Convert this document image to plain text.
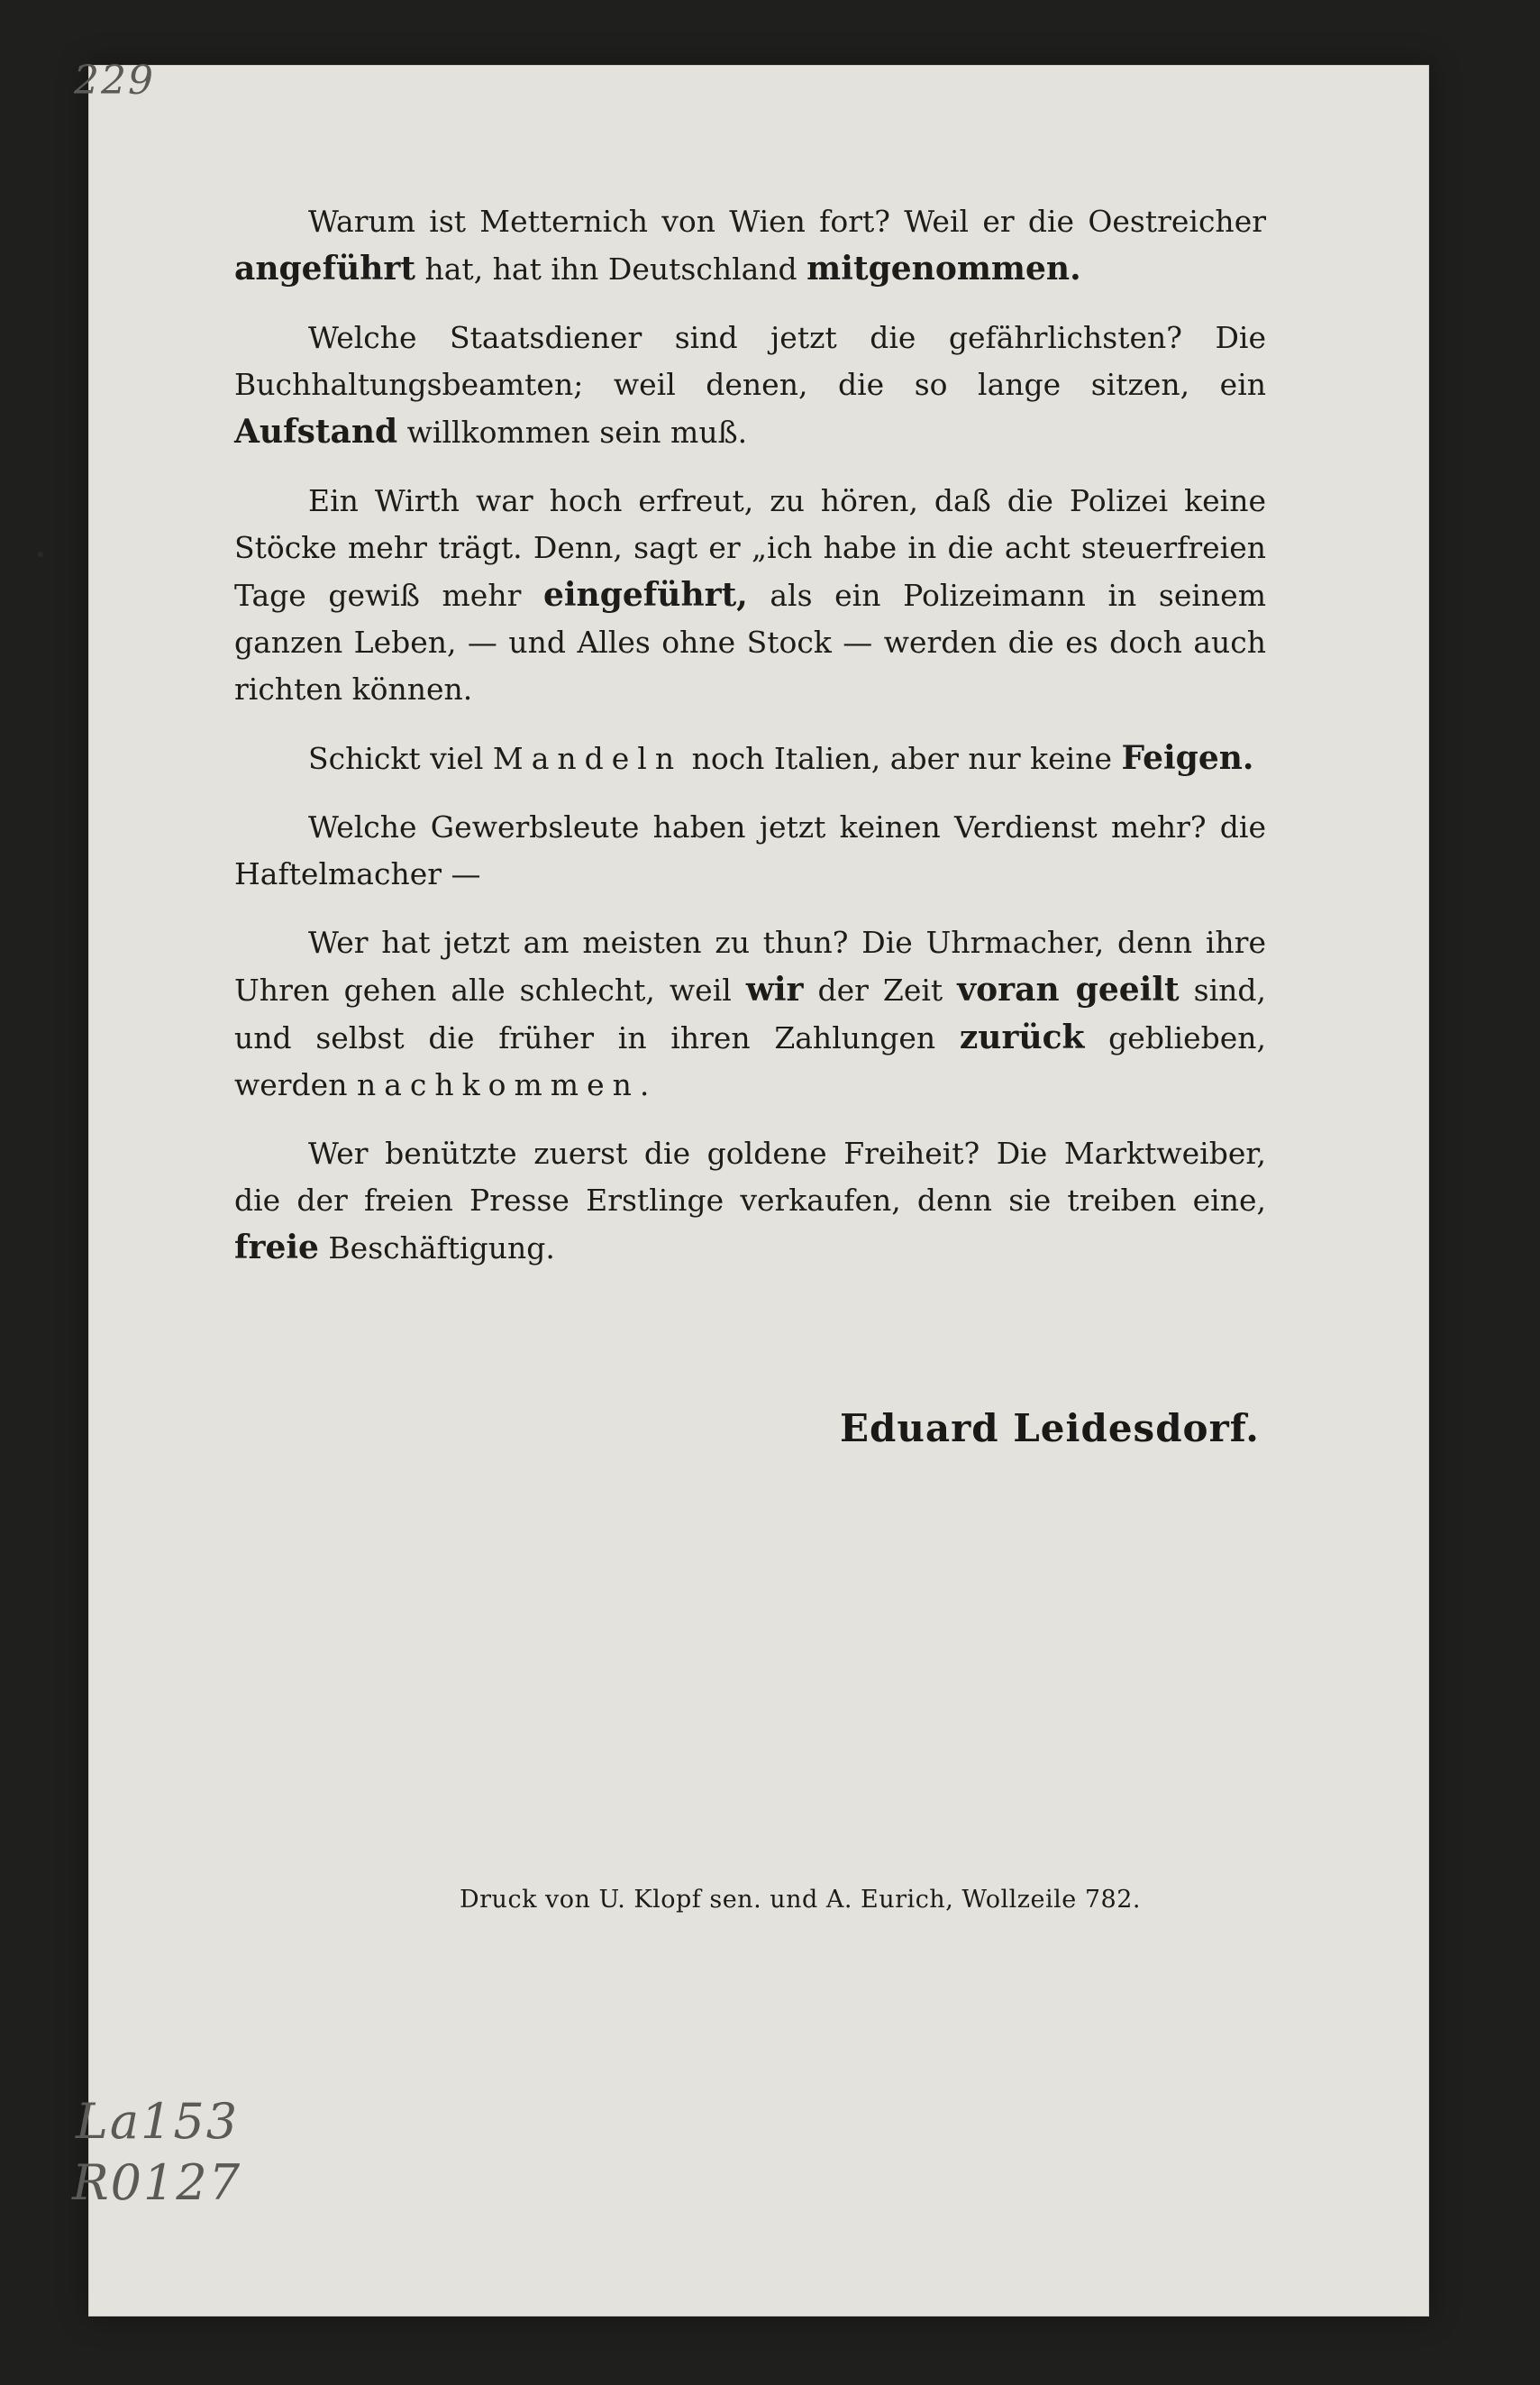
229

Warum ist Metternich von Wien fort? Weil er die Oestreicher angeführt hat, hat ihn Deutschland mitgenommen.

Welche Staatsdiener sind jetzt die gefährlichsten? Die Buchhaltungsbeamten; weil denen, die so lange sitzen, ein Aufstand willkommen sein muß.

Ein Wirth war hoch erfreut, zu hören, daß die Polizei keine Stöcke mehr trägt. Denn, sagt er „ich habe in die acht steuerfreien Tage gewiß mehr eingeführt, als ein Polizeimann in seinem ganzen Leben, — und Alles ohne Stock — werden die es doch auch richten können.

Schickt viel Mandeln noch Italien, aber nur keine Feigen.

Welche Gewerbsleute haben jetzt keinen Verdienst mehr? die Haftelmacher —

Wer hat jetzt am meisten zu thun? Die Uhrmacher, denn ihre Uhren gehen alle schlecht, weil wir der Zeit voran geeilt sind, und selbst die früher in ihren Zahlungen zurück geblieben, werden nachkommen.

Wer benützte zuerst die goldene Freiheit? Die Marktweiber, die der freien Presse Erstlinge verkaufen, denn sie treiben eine, freie Beschäftigung.

Eduard Leidesdorf.
Druck von U. Klopf sen. und A. Eurich, Wollzeile 782.
La153
R0127
